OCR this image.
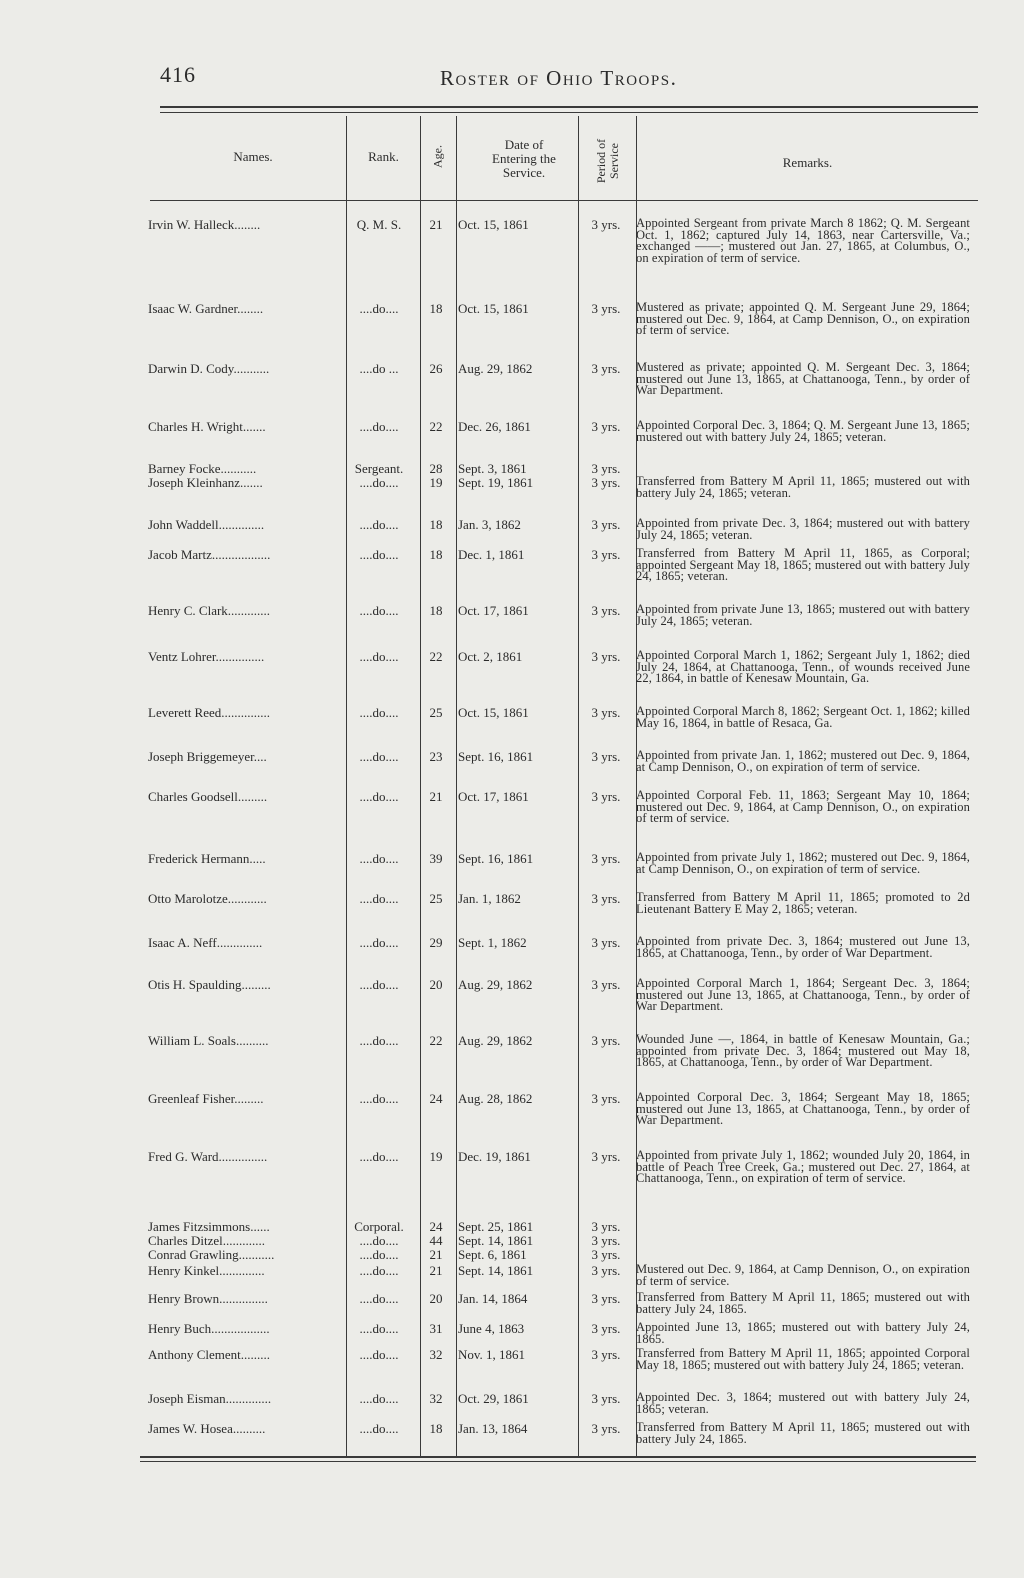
416	Roster of Ohio Troops.
Names.	Rank.	Age.
Date of Entering the Service.	Period of Service	Remarks.
Irvin W. Halleck........	Q. M. S.	21	Oct. 15, 1861	3 yrs.	Appointed Sergeant from private March 8 1862; Q. M. Sergeant Oct. 1, 1862; captured July 14, 1863, near Cartersville, Va.; exchanged ——; mustered out Jan. 27, 1865, at Columbus, O., on expiration of term of service.
Isaac W. Gardner........	....do....	18	Oct. 15, 1861	3 yrs.	Mustered as private; appointed Q. M. Sergeant June 29, 1864; mustered out Dec. 9, 1864, at Camp Dennison, O., on expiration of term of service.
Darwin D. Cody...........	....do ...	26	Aug. 29, 1862	3 yrs.	Mustered as private; appointed Q. M. Sergeant Dec. 3, 1864; mustered out June 13, 1865, at Chattanooga, Tenn., by order of War Department.
Charles H. Wright.......	....do....	22	Dec. 26, 1861	3 yrs.	Appointed Corporal Dec. 3, 1864; Q. M. Sergeant June 13, 1865; mustered out with battery July 24, 1865; veteran.
Barney Focke...........	Sergeant.	28	Sept. 3, 1861	3 yrs.
Joseph Kleinhanz.......	....do....	19	Sept. 19, 1861	3 yrs.	Transferred from Battery M April 11, 1865; mustered out with battery July 24, 1865; veteran.
John Waddell..............	....do....	18	Jan. 3, 1862	3 yrs.	Appointed from private Dec. 3, 1864; mustered out with battery July 24, 1865; veteran.
Jacob Martz..................	....do....	18	Dec. 1, 1861	3 yrs.	Transferred from Battery M April 11, 1865, as Corporal; appointed Sergeant May 18, 1865; mustered out with battery July 24, 1865; veteran.
Henry C. Clark.............	....do....	18	Oct. 17, 1861	3 yrs.	Appointed from private June 13, 1865; mustered out with battery July 24, 1865; veteran.
Ventz Lohrer...............	....do....	22	Oct. 2, 1861	3 yrs.	Appointed Corporal March 1, 1862; Sergeant July 1, 1862; died July 24, 1864, at Chattanooga, Tenn., of wounds received June 22, 1864, in battle of Kenesaw Mountain, Ga.
Leverett Reed...............	....do....	25	Oct. 15, 1861	3 yrs.	Appointed Corporal March 8, 1862; Sergeant Oct. 1, 1862; killed May 16, 1864, in battle of Resaca, Ga.
Joseph Briggemeyer....	....do....	23	Sept. 16, 1861	3 yrs.	Appointed from private Jan. 1, 1862; mustered out Dec. 9, 1864, at Camp Dennison, O., on expiration of term of service.
Charles Goodsell.........	....do....	21	Oct. 17, 1861	3 yrs.	Appointed Corporal Feb. 11, 1863; Sergeant May 10, 1864; mustered out Dec. 9, 1864, at Camp Dennison, O., on expiration of term of service.
Frederick Hermann.....	....do....	39	Sept. 16, 1861	3 yrs.	Appointed from private July 1, 1862; mustered out Dec. 9, 1864, at Camp Dennison, O., on expiration of term of service.
Otto Marolotze............	....do....	25	Jan. 1, 1862	3 yrs.	Transferred from Battery M April 11, 1865; promoted to 2d Lieutenant Battery E May 2, 1865; veteran.
Isaac A. Neff..............	....do....	29	Sept. 1, 1862	3 yrs.	Appointed from private Dec. 3, 1864; mustered out June 13, 1865, at Chattanooga, Tenn., by order of War Department.
Otis H. Spaulding.........	....do....	20	Aug. 29, 1862	3 yrs.	Appointed Corporal March 1, 1864; Sergeant Dec. 3, 1864; mustered out June 13, 1865, at Chattanooga, Tenn., by order of War Department.
William L. Soals..........	....do....	22	Aug. 29, 1862	3 yrs.	Wounded June —, 1864, in battle of Kenesaw Mountain, Ga.; appointed from private Dec. 3, 1864; mustered out May 18, 1865, at Chattanooga, Tenn., by order of War Department.
Greenleaf Fisher.........	....do....	24	Aug. 28, 1862	3 yrs.	Appointed Corporal Dec. 3, 1864; Sergeant May 18, 1865; mustered out June 13, 1865, at Chattanooga, Tenn., by order of War Department.
Fred G. Ward...............	....do....	19	Dec. 19, 1861	3 yrs.	Appointed from private July 1, 1862; wounded July 20, 1864, in battle of Peach Tree Creek, Ga.; mustered out Dec. 27, 1864, at Chattanooga, Tenn., on expiration of term of service.
James Fitzsimmons......	Corporal.	24	Sept. 25, 1861	3 yrs.
Charles Ditzel.............	....do....	44	Sept. 14, 1861	3 yrs.
Conrad Grawling...........	....do....	21	Sept. 6, 1861	3 yrs.
Henry Kinkel..............	....do....	21	Sept. 14, 1861	3 yrs.	Mustered out Dec. 9, 1864, at Camp Dennison, O., on expiration of term of service.
Henry Brown...............	....do....	20	Jan. 14, 1864	3 yrs.	Transferred from Battery M April 11, 1865; mustered out with battery July 24, 1865.
Henry Buch..................	....do....	31	June 4, 1863	3 yrs.	Appointed June 13, 1865; mustered out with battery July 24, 1865.
Anthony Clement.........	....do....	32	Nov. 1, 1861	3 yrs.	Transferred from Battery M April 11, 1865; appointed Corporal May 18, 1865; mustered out with battery July 24, 1865; veteran.
Joseph Eisman..............	....do....	32	Oct. 29, 1861	3 yrs.	Appointed Dec. 3, 1864; mustered out with battery July 24, 1865; veteran.
James W. Hosea..........	....do....	18	Jan. 13, 1864	3 yrs.	Transferred from Battery M April 11, 1865; mustered out with battery July 24, 1865.
